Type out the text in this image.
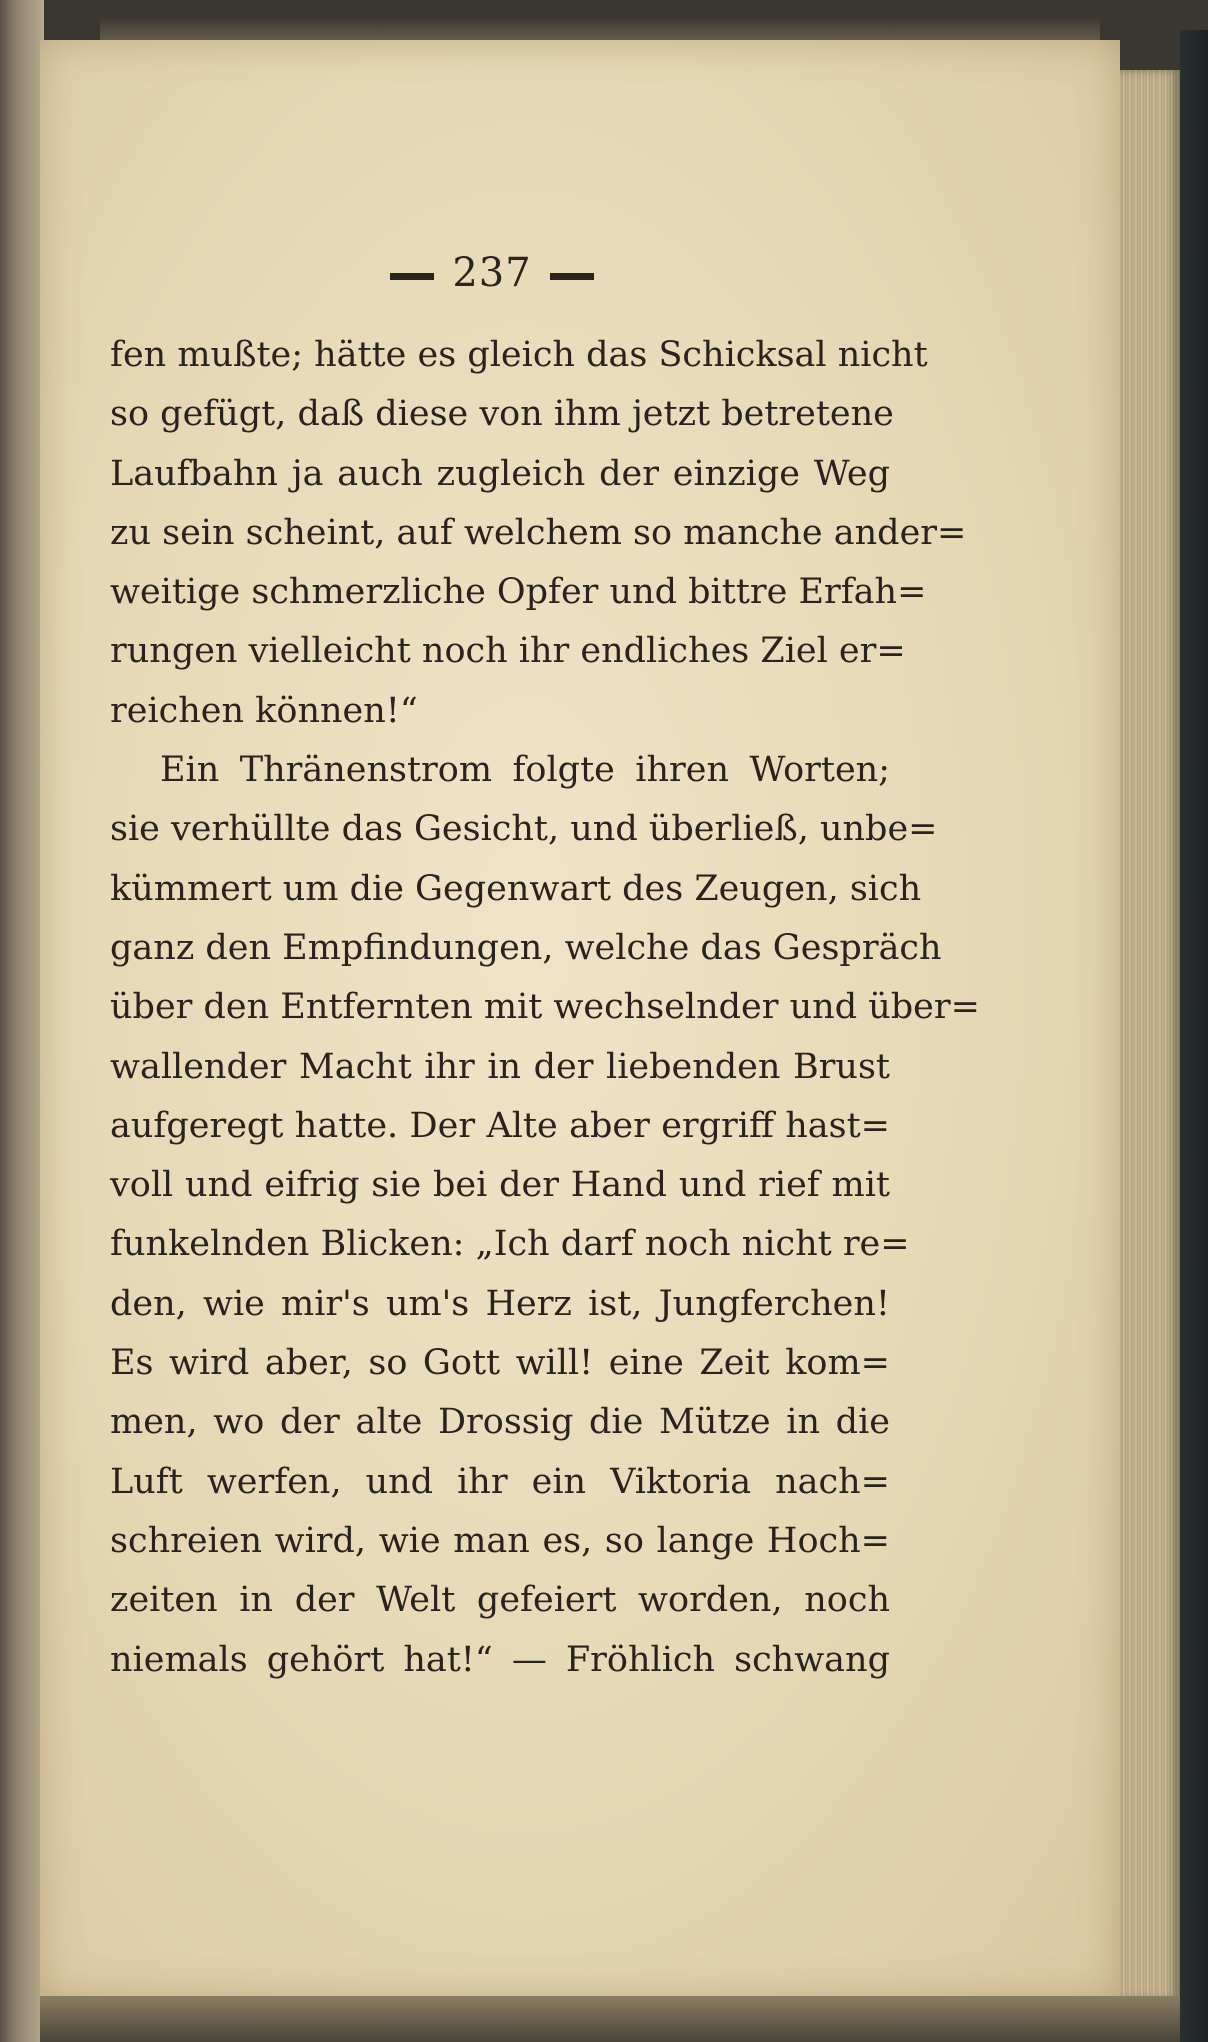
237
fen mußte; hätte es gleich das Schicksal nicht
so gefügt, daß diese von ihm jetzt betretene
Laufbahn ja auch zugleich der einzige Weg
zu sein scheint, auf welchem so manche ander=
weitige schmerzliche Opfer und bittre Erfah=
rungen vielleicht noch ihr endliches Ziel er=
reichen können!“
Ein Thränenstrom folgte ihren Worten;
sie verhüllte das Gesicht, und überließ, unbe=
kümmert um die Gegenwart des Zeugen, sich
ganz den Empfindungen, welche das Gespräch
über den Entfernten mit wechselnder und über=
wallender Macht ihr in der liebenden Brust
aufgeregt hatte. Der Alte aber ergriff hast=
voll und eifrig sie bei der Hand und rief mit
funkelnden Blicken: „Ich darf noch nicht re=
den, wie mir's um's Herz ist, Jungferchen!
Es wird aber, so Gott will! eine Zeit kom=
men, wo der alte Drossig die Mütze in die
Luft werfen, und ihr ein Viktoria nach=
schreien wird, wie man es, so lange Hoch=
zeiten in der Welt gefeiert worden, noch
niemals gehört hat!“ — Fröhlich schwang
